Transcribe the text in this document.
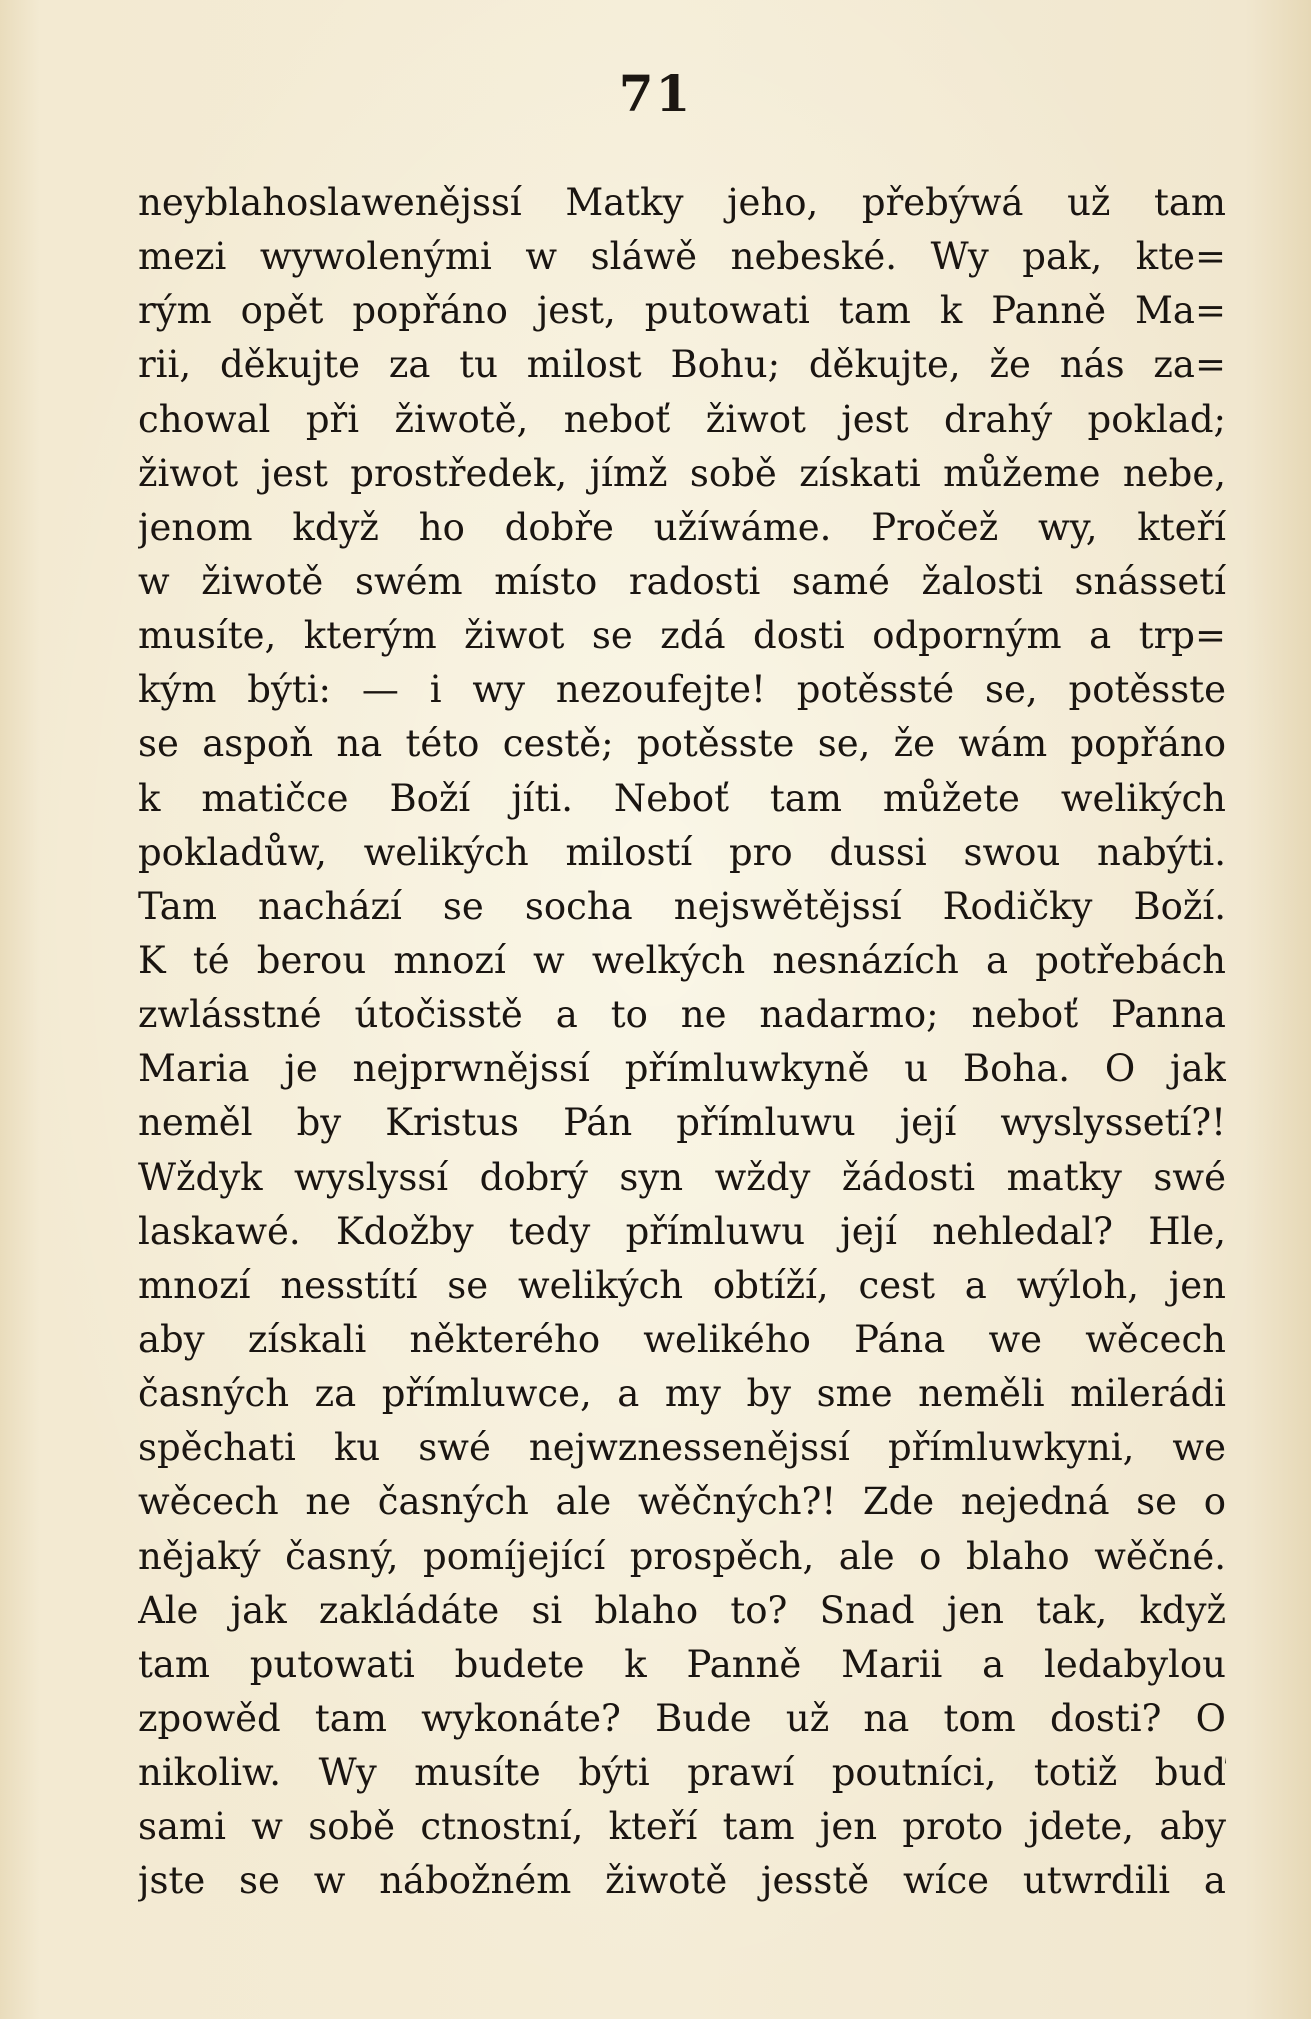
71
neyblahoslawenějssí Matky jeho, přebýwá už tam
mezi wywolenými w sláwě nebeské. Wy pak, kte=
rým opět popřáno jest, putowati tam k Panně Ma=
rii, děkujte za tu milost Bohu; děkujte, že nás za=
chowal při žiwotě, neboť žiwot jest drahý poklad;
žiwot jest prostředek, jímž sobě získati můžeme nebe,
jenom když ho dobře užíwáme. Pročež wy, kteří
w žiwotě swém místo radosti samé žalosti snássetí
musíte, kterým žiwot se zdá dosti odporným a trp=
kým býti: — i wy nezoufejte! potěssté se, potěsste
se aspoň na této cestě; potěsste se, že wám popřáno
k matičce Boží jíti. Neboť tam můžete welikých
pokladůw, welikých milostí pro dussi swou nabýti.
Tam nachází se socha nejswětějssí Rodičky Boží.
K té berou mnozí w welkých nesnázích a potřebách
zwlásstné útočisstě a to ne nadarmo; neboť Panna
Maria je nejprwnějssí přímluwkyně u Boha. O jak
neměl by Kristus Pán přímluwu její wyslyssetí?!
Wždyk wyslyssí dobrý syn wždy žádosti matky swé
laskawé. Kdožby tedy přímluwu její nehledal? Hle,
mnozí nesstítí se welikých obtíží, cest a wýloh, jen
aby získali některého welikého Pána we wěcech
časných za přímluwce, a my by sme neměli milerádi
spěchati ku swé nejwznessenějssí přímluwkyni, we
wěcech ne časných ale wěčných?! Zde nejedná se o
nějaký časný, pomíjející prospěch, ale o blaho wěčné.
Ale jak zakládáte si blaho to? Snad jen tak, když
tam putowati budete k Panně Marii a ledabylou
zpowěd tam wykonáte? Bude už na tom dosti? O
nikoliw. Wy musíte býti prawí poutníci, totiž buď
sami w sobě ctnostní, kteří tam jen proto jdete, aby
jste se w nábožném žiwotě jesstě wíce utwrdili a
